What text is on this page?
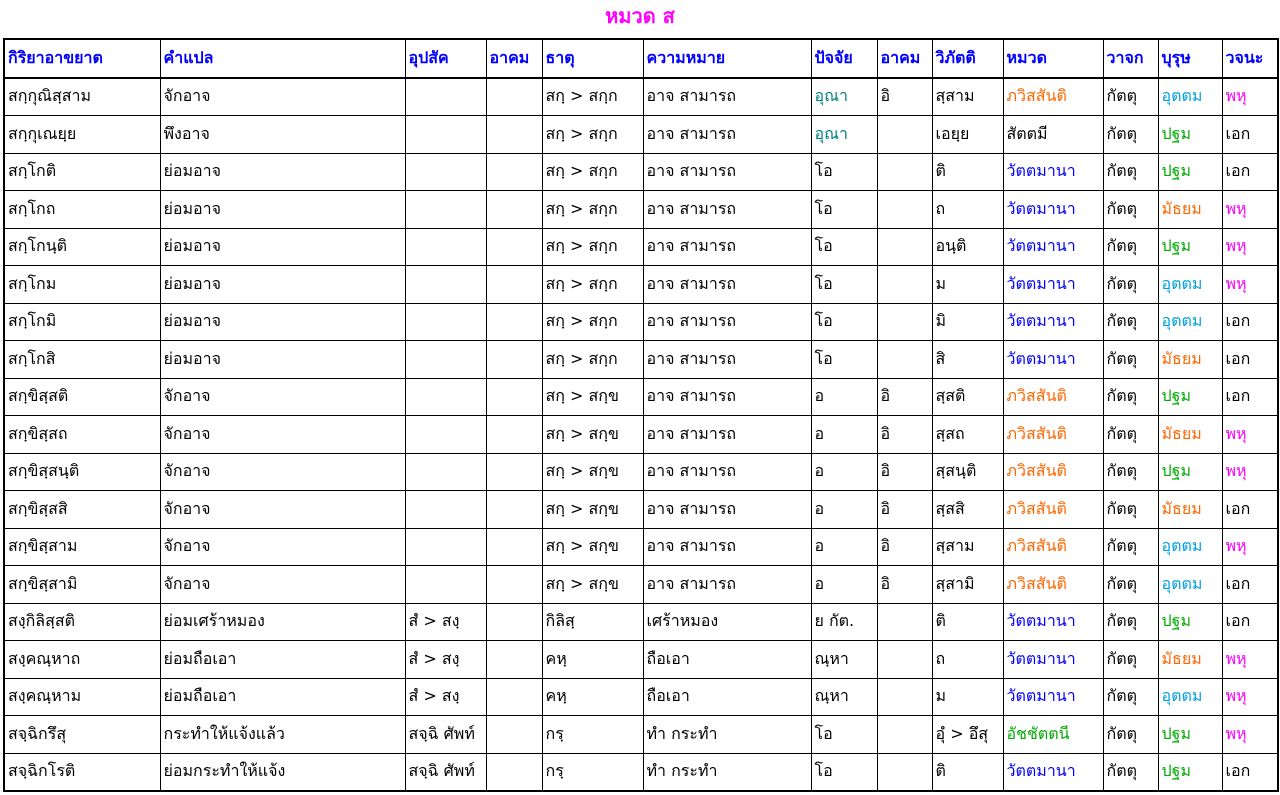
หมวด ส
กิริยาอาขยาต	คำแปล	อุปสัค	อาคม	ธาตุ	ความหมาย	ปัจจัย	อาคม	วิภัตติ	หมวด	วาจก	บุรุษ	วจนะ
สกฺกุณิสฺสาม	จักอาจ			สกฺ > สกฺก	อาจ สามารถ	อุณา	อิ	สฺสาม	ภวิสสันติ	กัตตุ	อุตตม	พหุ
สกฺกุเณยฺย	พึงอาจ			สกฺ > สกฺก	อาจ สามารถ	อุณา		เอยฺย	สัตตมี	กัตตุ	ปฐม	เอก
สกฺโกติ	ย่อมอาจ			สกฺ > สกฺก	อาจ สามารถ	โอ		ติ	วัตตมานา	กัตตุ	ปฐม	เอก
สกฺโกถ	ย่อมอาจ			สกฺ > สกฺก	อาจ สามารถ	โอ		ถ	วัตตมานา	กัตตุ	มัธยม	พหุ
สกฺโกนฺติ	ย่อมอาจ			สกฺ > สกฺก	อาจ สามารถ	โอ		อนฺติ	วัตตมานา	กัตตุ	ปฐม	พหุ
สกฺโกม	ย่อมอาจ			สกฺ > สกฺก	อาจ สามารถ	โอ		ม	วัตตมานา	กัตตุ	อุตตม	พหุ
สกฺโกมิ	ย่อมอาจ			สกฺ > สกฺก	อาจ สามารถ	โอ		มิ	วัตตมานา	กัตตุ	อุตตม	เอก
สกฺโกสิ	ย่อมอาจ			สกฺ > สกฺก	อาจ สามารถ	โอ		สิ	วัตตมานา	กัตตุ	มัธยม	เอก
สกฺขิสฺสติ	จักอาจ			สกฺ > สกฺข	อาจ สามารถ	อ	อิ	สฺสติ	ภวิสสันติ	กัตตุ	ปฐม	เอก
สกฺขิสฺสถ	จักอาจ			สกฺ > สกฺข	อาจ สามารถ	อ	อิ	สฺสถ	ภวิสสันติ	กัตตุ	มัธยม	พหุ
สกฺขิสฺสนฺติ	จักอาจ			สกฺ > สกฺข	อาจ สามารถ	อ	อิ	สฺสนฺติ	ภวิสสันติ	กัตตุ	ปฐม	พหุ
สกฺขิสฺสสิ	จักอาจ			สกฺ > สกฺข	อาจ สามารถ	อ	อิ	สฺสสิ	ภวิสสันติ	กัตตุ	มัธยม	เอก
สกฺขิสฺสาม	จักอาจ			สกฺ > สกฺข	อาจ สามารถ	อ	อิ	สฺสาม	ภวิสสันติ	กัตตุ	อุตตม	พหุ
สกฺขิสฺสามิ	จักอาจ			สกฺ > สกฺข	อาจ สามารถ	อ	อิ	สฺสามิ	ภวิสสันติ	กัตตุ	อุตตม	เอก
สงฺกิลิสฺสติ	ย่อมเศร้าหมอง	สํ > สงฺ		กิลิสฺ	เศร้าหมอง	ย กัต.		ติ	วัตตมานา	กัตตุ	ปฐม	เอก
สงฺคณฺหาถ	ย่อมถือเอา	สํ > สงฺ		คหฺ	ถือเอา	ณฺหา		ถ	วัตตมานา	กัตตุ	มัธยม	พหุ
สงฺคณฺหาม	ย่อมถือเอา	สํ > สงฺ		คหฺ	ถือเอา	ณฺหา		ม	วัตตมานา	กัตตุ	อุตตม	พหุ
สจฺฉิกรึสุ	กระทำให้แจ้งแล้ว	สจฺฉิ ศัพท์		กรฺ	ทำ กระทำ	โอ		อุํ > อึสุ	อัชชัตตนี	กัตตุ	ปฐม	พหุ
สจฺฉิกโรติ	ย่อมกระทำให้แจ้ง	สจฺฉิ ศัพท์		กรฺ	ทำ กระทำ	โอ		ติ	วัตตมานา	กัตตุ	ปฐม	เอก
